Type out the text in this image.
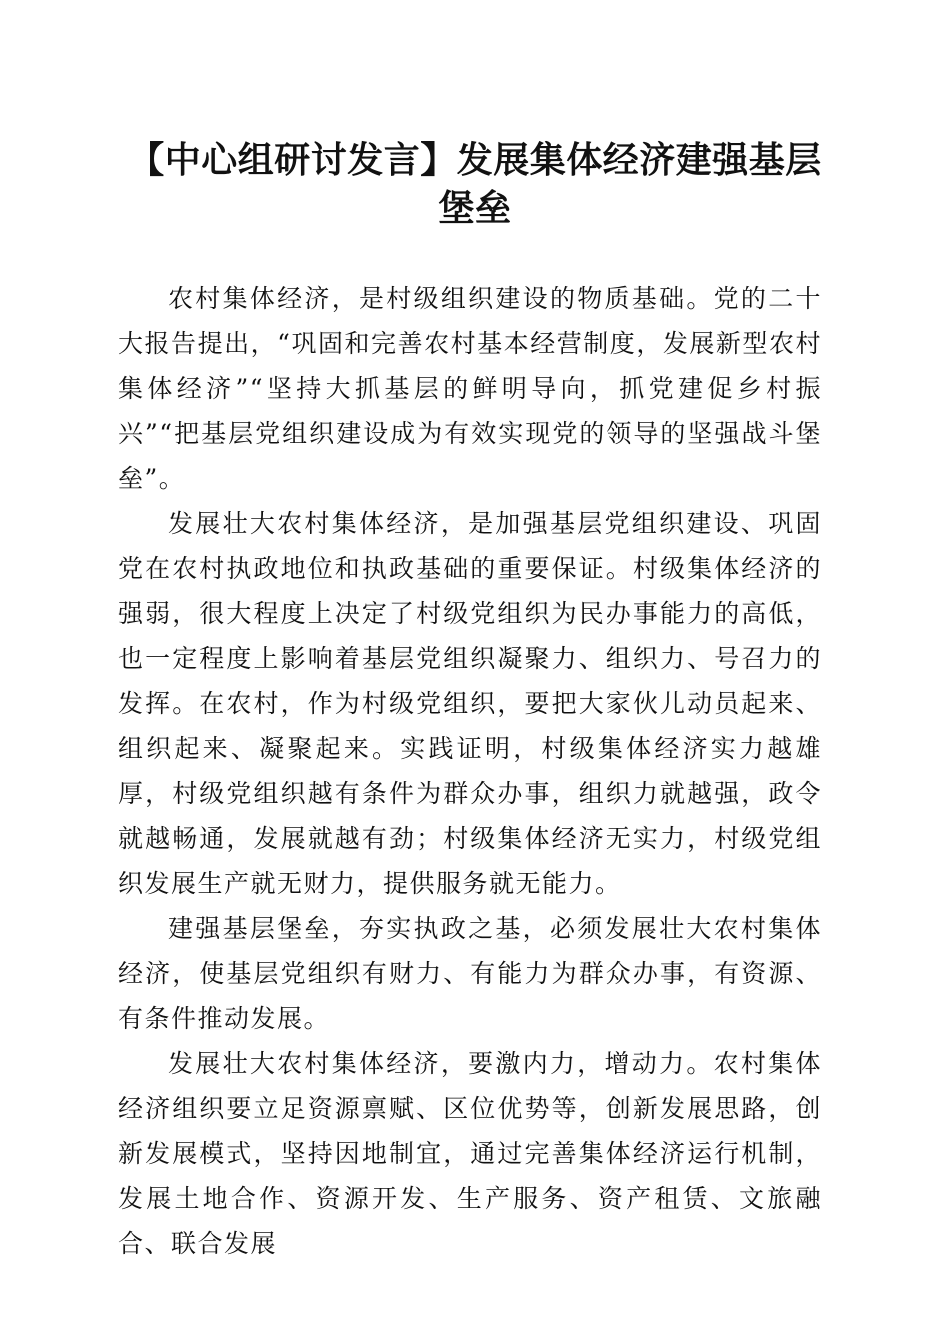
【中心组研讨发言】发展集体经济建强基层堡垒

农村集体经济，是村级组织建设的物质基础。党的二十大报告提出，“巩固和完善农村基本经营制度，发展新型农村集体经济”“坚持大抓基层的鲜明导向，抓党建促乡村振兴”“把基层党组织建设成为有效实现党的领导的坚强战斗堡垒”。

发展壮大农村集体经济，是加强基层党组织建设、巩固党在农村执政地位和执政基础的重要保证。村级集体经济的强弱，很大程度上决定了村级党组织为民办事能力的高低，也一定程度上影响着基层党组织凝聚力、组织力、号召力的发挥。在农村，作为村级党组织，要把大家伙儿动员起来、组织起来、凝聚起来。实践证明，村级集体经济实力越雄厚，村级党组织越有条件为群众办事，组织力就越强，政令就越畅通，发展就越有劲；村级集体经济无实力，村级党组织发展生产就无财力，提供服务就无能力。

建强基层堡垒，夯实执政之基，必须发展壮大农村集体经济，使基层党组织有财力、有能力为群众办事，有资源、有条件推动发展。

发展壮大农村集体经济，要激内力，增动力。农村集体经济组织要立足资源禀赋、区位优势等，创新发展思路，创新发展模式，坚持因地制宜，通过完善集体经济运行机制，发展土地合作、资源开发、生产服务、资产租赁、文旅融合、联合发展
